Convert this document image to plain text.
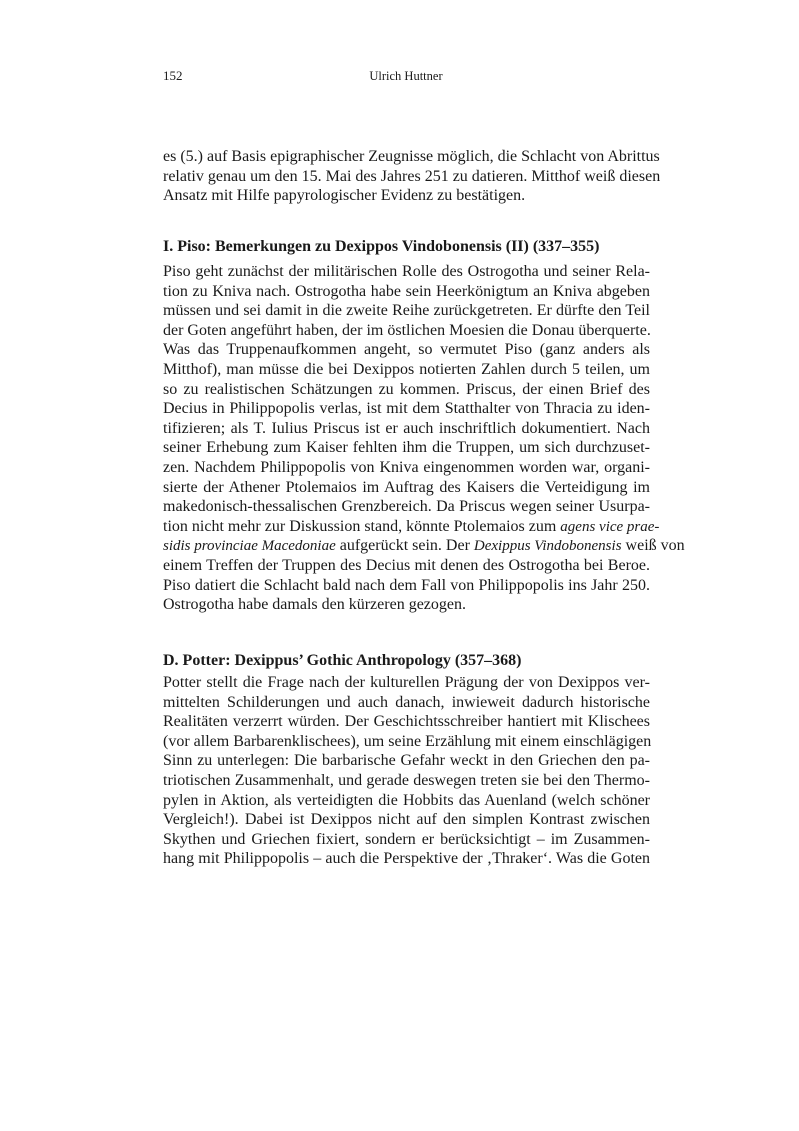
152	Ulrich Huttner
es (5.) auf Basis epigraphischer Zeugnisse möglich, die Schlacht von Abrittus
relativ genau um den 15. Mai des Jahres 251 zu datieren. Mitthof weiß diesen
Ansatz mit Hilfe papyrologischer Evidenz zu bestätigen.
I. Piso: Bemerkungen zu Dexippos Vindobonensis (II) (337–355)
Piso geht zunächst der militärischen Rolle des Ostrogotha und seiner Rela-
tion zu Kniva nach. Ostrogotha habe sein Heerkönigtum an Kniva abgeben
müssen und sei damit in die zweite Reihe zurückgetreten. Er dürfte den Teil
der Goten angeführt haben, der im östlichen Moesien die Donau überquerte.
Was das Truppenaufkommen angeht, so vermutet Piso (ganz anders als
Mitthof), man müsse die bei Dexippos notierten Zahlen durch 5 teilen, um
so zu realistischen Schätzungen zu kommen. Priscus, der einen Brief des
Decius in Philippopolis verlas, ist mit dem Statthalter von Thracia zu iden-
tifizieren; als T. Iulius Priscus ist er auch inschriftlich dokumentiert. Nach
seiner Erhebung zum Kaiser fehlten ihm die Truppen, um sich durchzuset-
zen. Nachdem Philippopolis von Kniva eingenommen worden war, organi-
sierte der Athener Ptolemaios im Auftrag des Kaisers die Verteidigung im
makedonisch-thessalischen Grenzbereich. Da Priscus wegen seiner Usurpa-
tion nicht mehr zur Diskussion stand, könnte Ptolemaios zum agens vice prae-
sidis provinciae Macedoniae aufgerückt sein. Der Dexippus Vindobonensis weiß von
einem Treffen der Truppen des Decius mit denen des Ostrogotha bei Beroe.
Piso datiert die Schlacht bald nach dem Fall von Philippopolis ins Jahr 250.
Ostrogotha habe damals den kürzeren gezogen.
D. Potter: Dexippus’ Gothic Anthropology (357–368)
Potter stellt die Frage nach der kulturellen Prägung der von Dexippos ver-
mittelten Schilderungen und auch danach, inwieweit dadurch historische
Realitäten verzerrt würden. Der Geschichtsschreiber hantiert mit Klischees
(vor allem Barbarenklischees), um seine Erzählung mit einem einschlägigen
Sinn zu unterlegen: Die barbarische Gefahr weckt in den Griechen den pa-
triotischen Zusammenhalt, und gerade deswegen treten sie bei den Thermo-
pylen in Aktion, als verteidigten die Hobbits das Auenland (welch schöner
Vergleich!). Dabei ist Dexippos nicht auf den simplen Kontrast zwischen
Skythen und Griechen fixiert, sondern er berücksichtigt – im Zusammen-
hang mit Philippopolis – auch die Perspektive der ‚Thraker‘. Was die Goten
